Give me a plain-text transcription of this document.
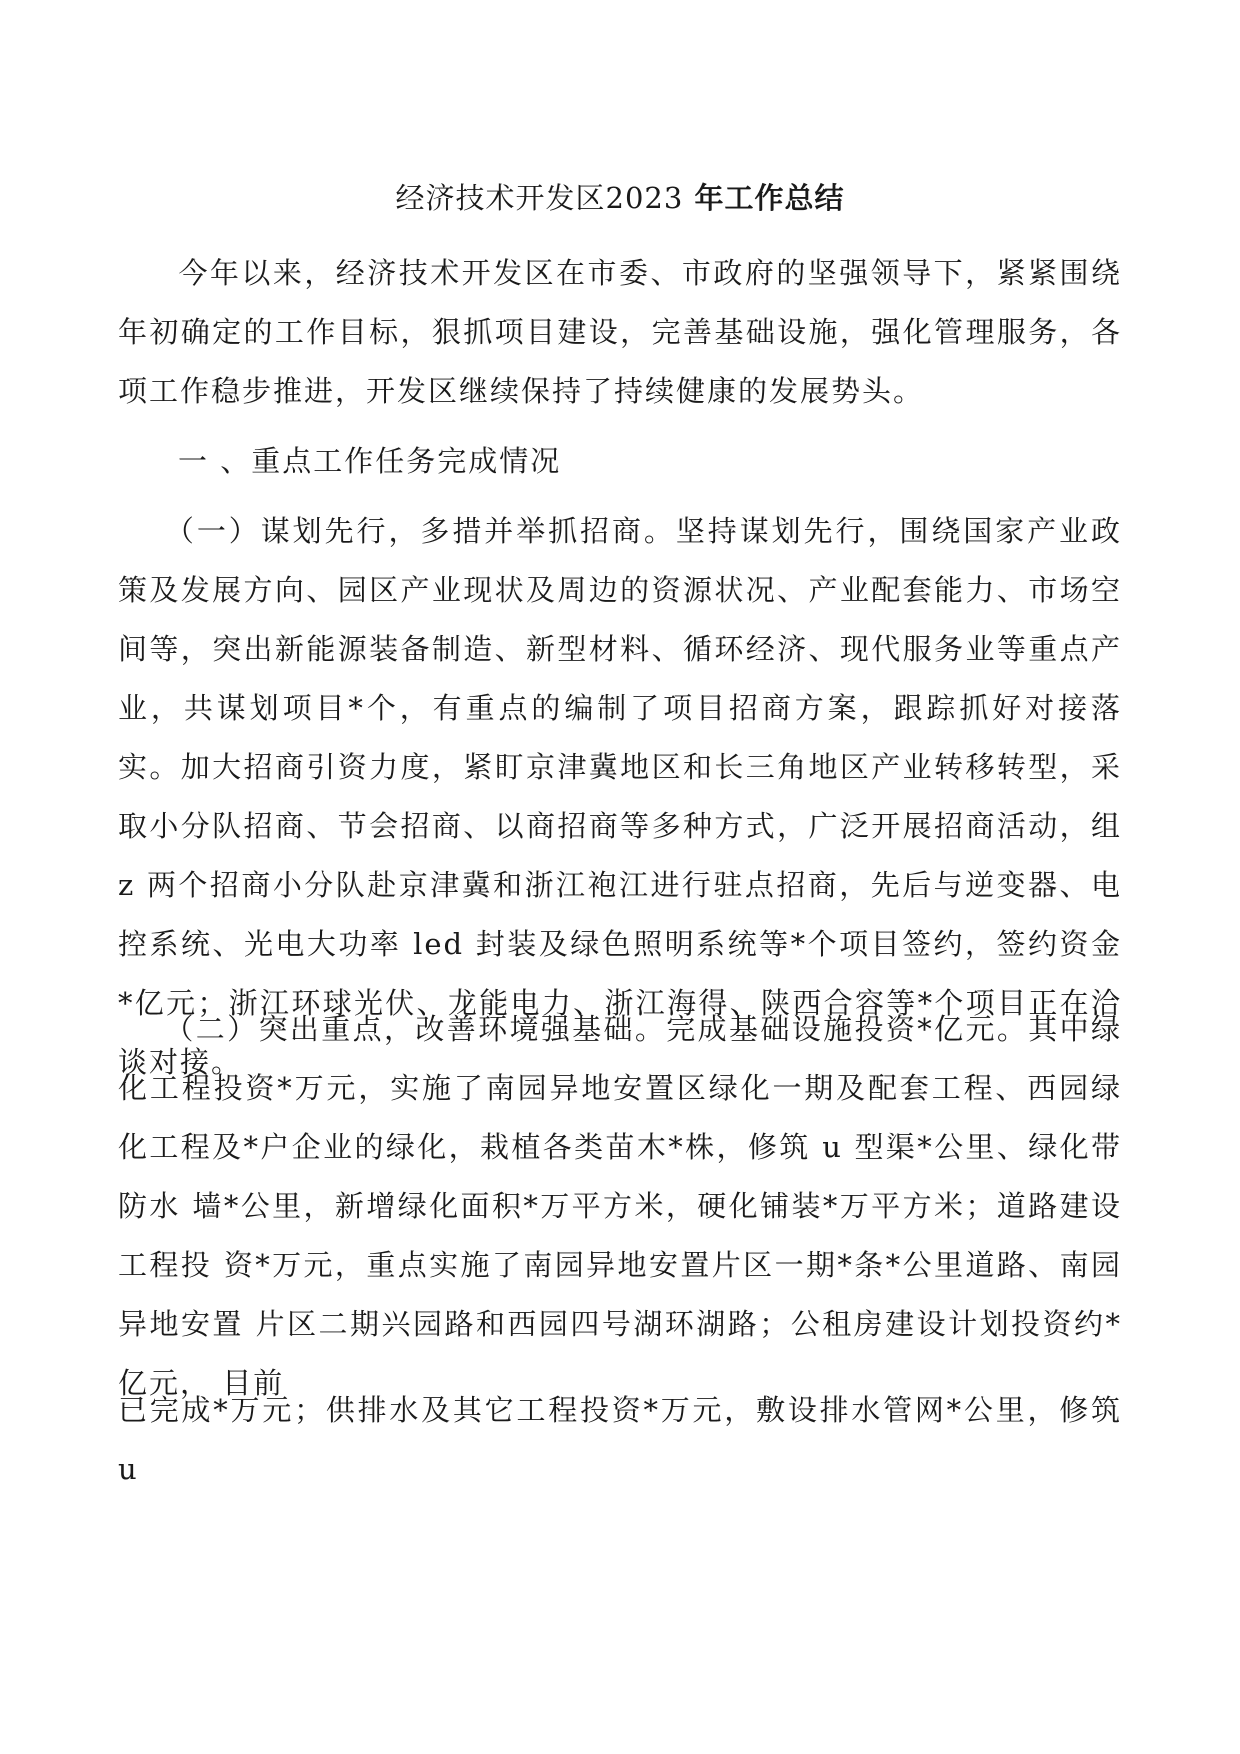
经济技术开发区2023 年工作总结
今年以来，经济技术开发区在市委、市政府的坚强领导下，紧紧围绕年初确定的工作目标，狠抓项目建设，完善基础设施，强化管理服务，各项工作稳步推进，开发区继续保持了持续健康的发展势头。
一 、重点工作任务完成情况
（一）谋划先行，多措并举抓招商。坚持谋划先行，围绕国家产业政策及发展方向、园区产业现状及周边的资源状况、产业配套能力、市场空间等，突出新能源装备制造、新型材料、循环经济、现代服务业等重点产业，共谋划项目*个，有重点的编制了项目招商方案，跟踪抓好对接落实。加大招商引资力度，紧盯京津冀地区和长三角地区产业转移转型，采取小分队招商、节会招商、以商招商等多种方式，广泛开展招商活动，组 z 两个招商小分队赴京津冀和浙江袍江进行驻点招商，先后与逆变器、电控系统、光电大功率 led 封装及绿色照明系统等*个项目签约，签约资金*亿元；浙江环球光伏、龙能电力、浙江海得、陕西合容等*个项目正在洽谈对接。
（二）突出重点，改善环境强基础。完成基础设施投资*亿元。其中绿化工程投资*万元，实施了南园异地安置区绿化一期及配套工程、西园绿化工程及*户企业的绿化，栽植各类苗木*株，修筑 u 型渠*公里、绿化带防水 墙*公里，新增绿化面积*万平方米，硬化铺装*万平方米；道路建设工程投 资*万元，重点实施了南园异地安置片区一期*条*公里道路、南园异地安置 片区二期兴园路和西园四号湖环湖路；公租房建设计划投资约*亿元， 目前
已完成*万元；供排水及其它工程投资*万元，敷设排水管网*公里，修筑 u
